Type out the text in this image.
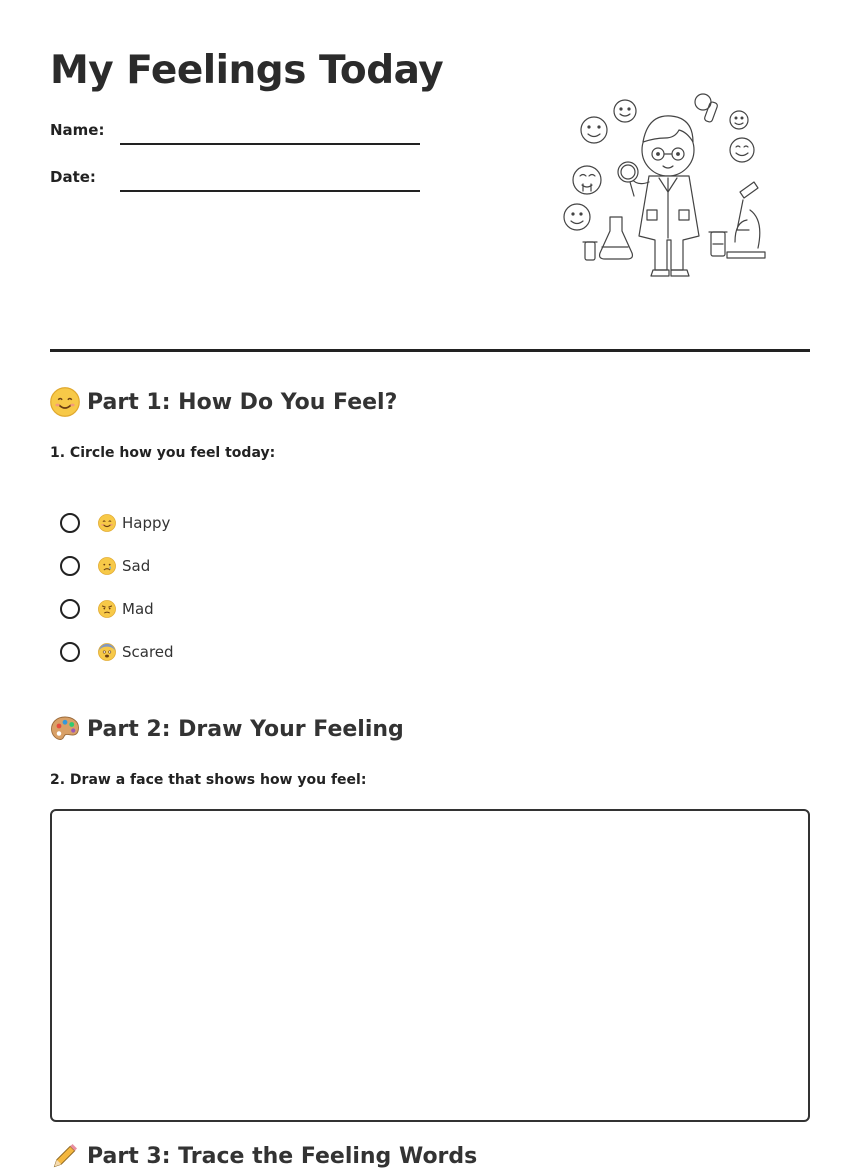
My Feelings Today
Name:
Date:
Part 1: How Do You Feel?
1. Circle how you feel today:
Happy
Sad
Mad
Scared
Part 2: Draw Your Feeling
2. Draw a face that shows how you feel:
Part 3: Trace the Feeling Words
